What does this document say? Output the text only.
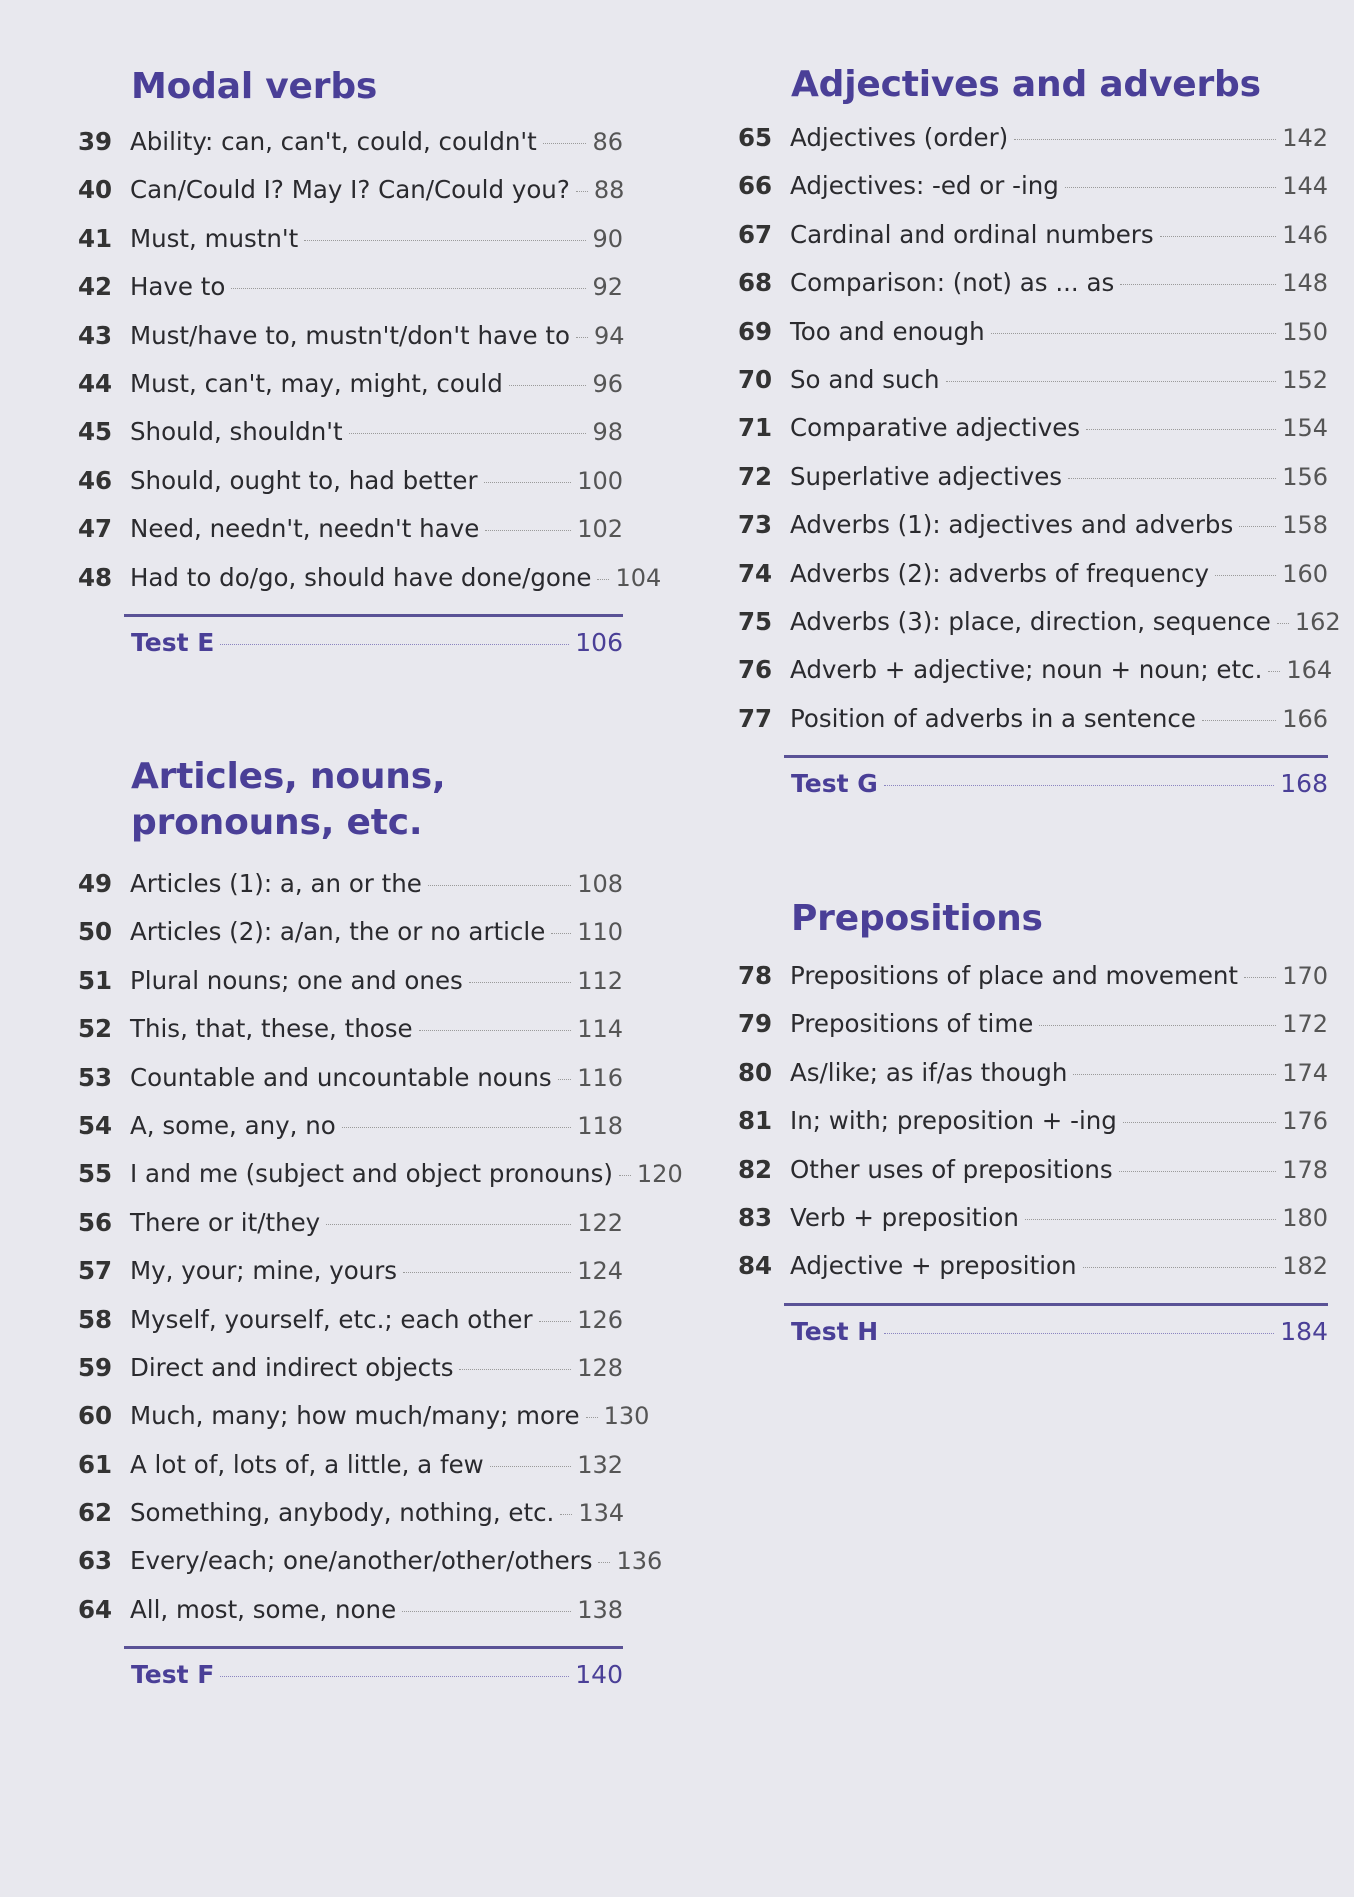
Modal verbs
39 Ability: can, can't, could, couldn't 86
40 Can/Could I? May I? Can/Could you? 88
41 Must, mustn't	90
42 Have to	92
43 Must/have to, mustn't/don't have to 94
44 Must, can't, may, might, could	96
45 Should, shouldn't	98
46 Should, ought to, had better	100
47 Need, needn't, needn't have	102
48 Had to do/go, should have done/gone 104
Test E	106
Articles, nouns,
pronouns, etc.
49 Articles (1): a, an or the	108
50 Articles (2): a/an, the or no article 110
51 Plural nouns; one and ones	112
52 This, that, these, those	114
53 Countable and uncountable nouns 116
54 A, some, any, no	118
55 I and me (subject and object pronouns) 120
56 There or it/they	122
57 My, your; mine, yours	124
58 Myself, yourself, etc.; each other 126
59 Direct and indirect objects	128
60 Much, many; how much/many; more 130
61 A lot of, lots of, a little, a few	132
62 Something, anybody, nothing, etc. 134
63 Every/each; one/another/other/others 136
64 All, most, some, none	138
Test F	140
Adjectives and adverbs
65 Adjectives (order)	142
66 Adjectives: -ed or -ing	144
67 Cardinal and ordinal numbers	146
68 Comparison: (not) as ... as	148
69 Too and enough	150
70 So and such	152
71 Comparative adjectives	154
72 Superlative adjectives	156
73 Adverbs (1): adjectives and adverbs 158
74 Adverbs (2): adverbs of frequency	160
75 Adverbs (3): place, direction, sequence 162
76 Adverb + adjective; noun + noun; etc. 164
77 Position of adverbs in a sentence	166
Test G	168
Prepositions
78 Prepositions of place and movement 170
79 Prepositions of time	172
80 As/like; as if/as though	174
81 In; with; preposition + -ing	176
82 Other uses of prepositions	178
83 Verb + preposition	180
84 Adjective + preposition	182
Test H	184
